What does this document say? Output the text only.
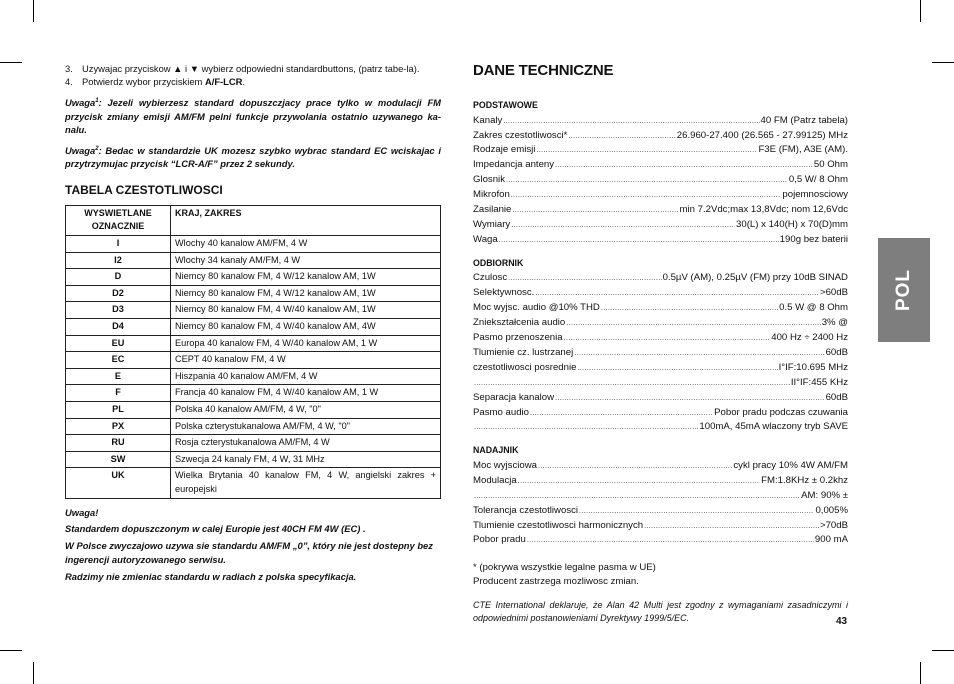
3. Uzywajac przyciskow ▲ i ▼ wybierz odpowiedni standardbuttons, (patrz tabe-la).
4. Potwierdz wybor przyciskiem A/F-LCR.
Uwaga$^1$: Jezeli wybierzesz standard dopuszczjacy prace tylko w modulacji FM przycisk zmiany emisji AM/FM pelni funkcje przywolania ostatnio uzywanego ka-nalu.
Uwaga$^2$: Bedac w standardzie UK mozesz szybko wybrac standard EC wciskajac i przytrzymujac przycisk “LCR-A/F” przez 2 sekundy.
TABELA CZESTOTLIWOSCI
WYSWIETLANE OZNACZNIE	KRAJ, ZAKRES
I	Wlochy 40 kanalow AM/FM, 4 W
I2	Wlochy 34 kanaly AM/FM, 4 W
D	Niemcy 80 kanalow FM, 4 W/12 kanalow AM, 1W
D2	Niemcy 80 kanalow FM, 4 W/12 kanalow AM, 1W
D3	Niemcy 80 kanalow FM, 4 W/40 kanalow AM, 1W
D4	Niemcy 80 kanalow FM, 4 W/40 kanalow AM, 4W
EU	Europa 40 kanalow FM, 4 W/40 kanalow AM, 1 W
EC	CEPT 40 kanalow FM, 4 W
E	Hiszpania 40 kanalow AM/FM, 4 W
F	Francja 40 kanalow FM, 4 W/40 kanalow AM, 1 W
PL	Polska 40 kanalow AM/FM, 4 W, "0"
PX	Polska czterystukanalowa AM/FM, 4 W, "0"
RU	Rosja czterystukanalowa AM/FM, 4 W
SW	Szwecja 24 kanaly FM, 4 W, 31 MHz
UK	Wielka Brytania 40 kanalow FM, 4 W, angielski zakres + europejski

Uwaga!

Standardem dopuszczonym w calej Europie jest 40CH FM 4W (EC) .

W Polsce zwyczajowo uzywa sie standardu AM/FM „0”, który nie jest dostepny bez ingerencji autoryzowanego serwisu.

Radzimy nie zmieniac standardu w radiach z polska specyfikacja.

DANE TECHNICZNE
PODSTAWOWE
Kanaly .....	40 FM (Patrz tabela)
Zakres czestotliwosci* .....	26.960-27.400 (26.565 - 27.99125) MHz
Rodzaje emisji .....	F3E (FM), A3E (AM).
Impedancja anteny .....	50 Ohm
Glosnik .....	0,5 W/ 8 Ohm
Mikrofon .....	pojemnosciowy
Zasilanie .....	min 7.2Vdc;max 13,8Vdc; nom 12,6Vdc
Wymiary .....	30(L) x 140(H) x 70(D)mm
Waga .....	190g bez baterii
ODBIORNIK
Czulosc .....	0.5µV (AM), 0.25µV (FM) przy 10dB SINAD
Selektywnosc. .....	>60dB
Moc wyjsc. audio @10% THD .....	0.5 W @ 8 Ohm
Zniekształcenia audio .....	3% @
Pasmo przenoszenia .....	400 Hz ÷ 2400 Hz
Tlumienie cz. lustrzanej .....	60dB
czestotliwosci posrednie .....	I°IF:10.695 MHz
.....
II°IF:455 KHz
Separacja kanalow .....	60dB
Pasmo audio .....	Pobor pradu podczas czuwania
.....
100mA, 45mA wlaczony tryb SAVE
NADAJNIK
Moc wyjsciowa .....	cykl pracy 10% 4W AM/FM
Modulacja .....	FM:1.8KHz ± 0.2khz
.....
AM: 90% ±
Tolerancja czestotliwosci .....	0,005%
Tlumienie czestotliwosci harmonicznych .....	>70dB
Pobor pradu .....	900 mA
* (pokrywa wszystkie legalne pasma w UE)
Producent zastrzega mozliwosc zmian.
CTE International deklaruje, że Alan 42 Multi jest zgodny z wymaganiami zasadniczymi i odpowiednimi postanowieniami Dyrektywy 1999/5/EC.
POL
43
